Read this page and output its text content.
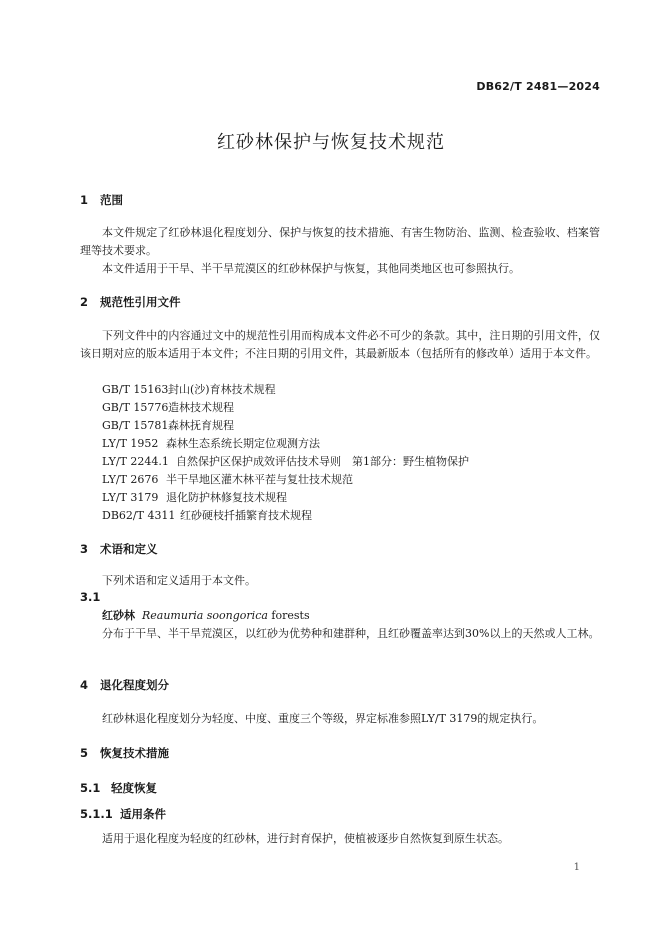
DB62/T 2481—2024
红砂林保护与恢复技术规范
1 范围
本文件规定了红砂林退化程度划分、保护与恢复的技术措施、有害生物防治、监测、检查验收、档案管理等技术要求。
本文件适用于干旱、半干旱荒漠区的红砂林保护与恢复，其他同类地区也可参照执行。
2 规范性引用文件
下列文件中的内容通过文中的规范性引用而构成本文件必不可少的条款。其中，注日期的引用文件，仅该日期对应的版本适用于本文件；不注日期的引用文件，其最新版本（包括所有的修改单）适用于本文件。
GB/T 15163封山(沙)育林技术规程
GB/T 15776造林技术规程
GB/T 15781森林抚育规程
LY/T 1952 森林生态系统长期定位观测方法
LY/T 2244.1 自然保护区保护成效评估技术导则　第1部分：野生植物保护
LY/T 2676 半干旱地区灌木林平茬与复壮技术规范
LY/T 3179 退化防护林修复技术规程
DB62/T 4311 红砂硬枝扦插繁育技术规程
3 术语和定义
下列术语和定义适用于本文件。
3.1
红砂林 Reaumuria soongorica forests
分布于干旱、半干旱荒漠区，以红砂为优势种和建群种，且红砂覆盖率达到30%以上的天然或人工林。
4 退化程度划分
红砂林退化程度划分为轻度、中度、重度三个等级，界定标准参照LY/T 3179的规定执行。
5 恢复技术措施
5.1 轻度恢复
5.1.1 适用条件
适用于退化程度为轻度的红砂林，进行封育保护，使植被逐步自然恢复到原生状态。
1
